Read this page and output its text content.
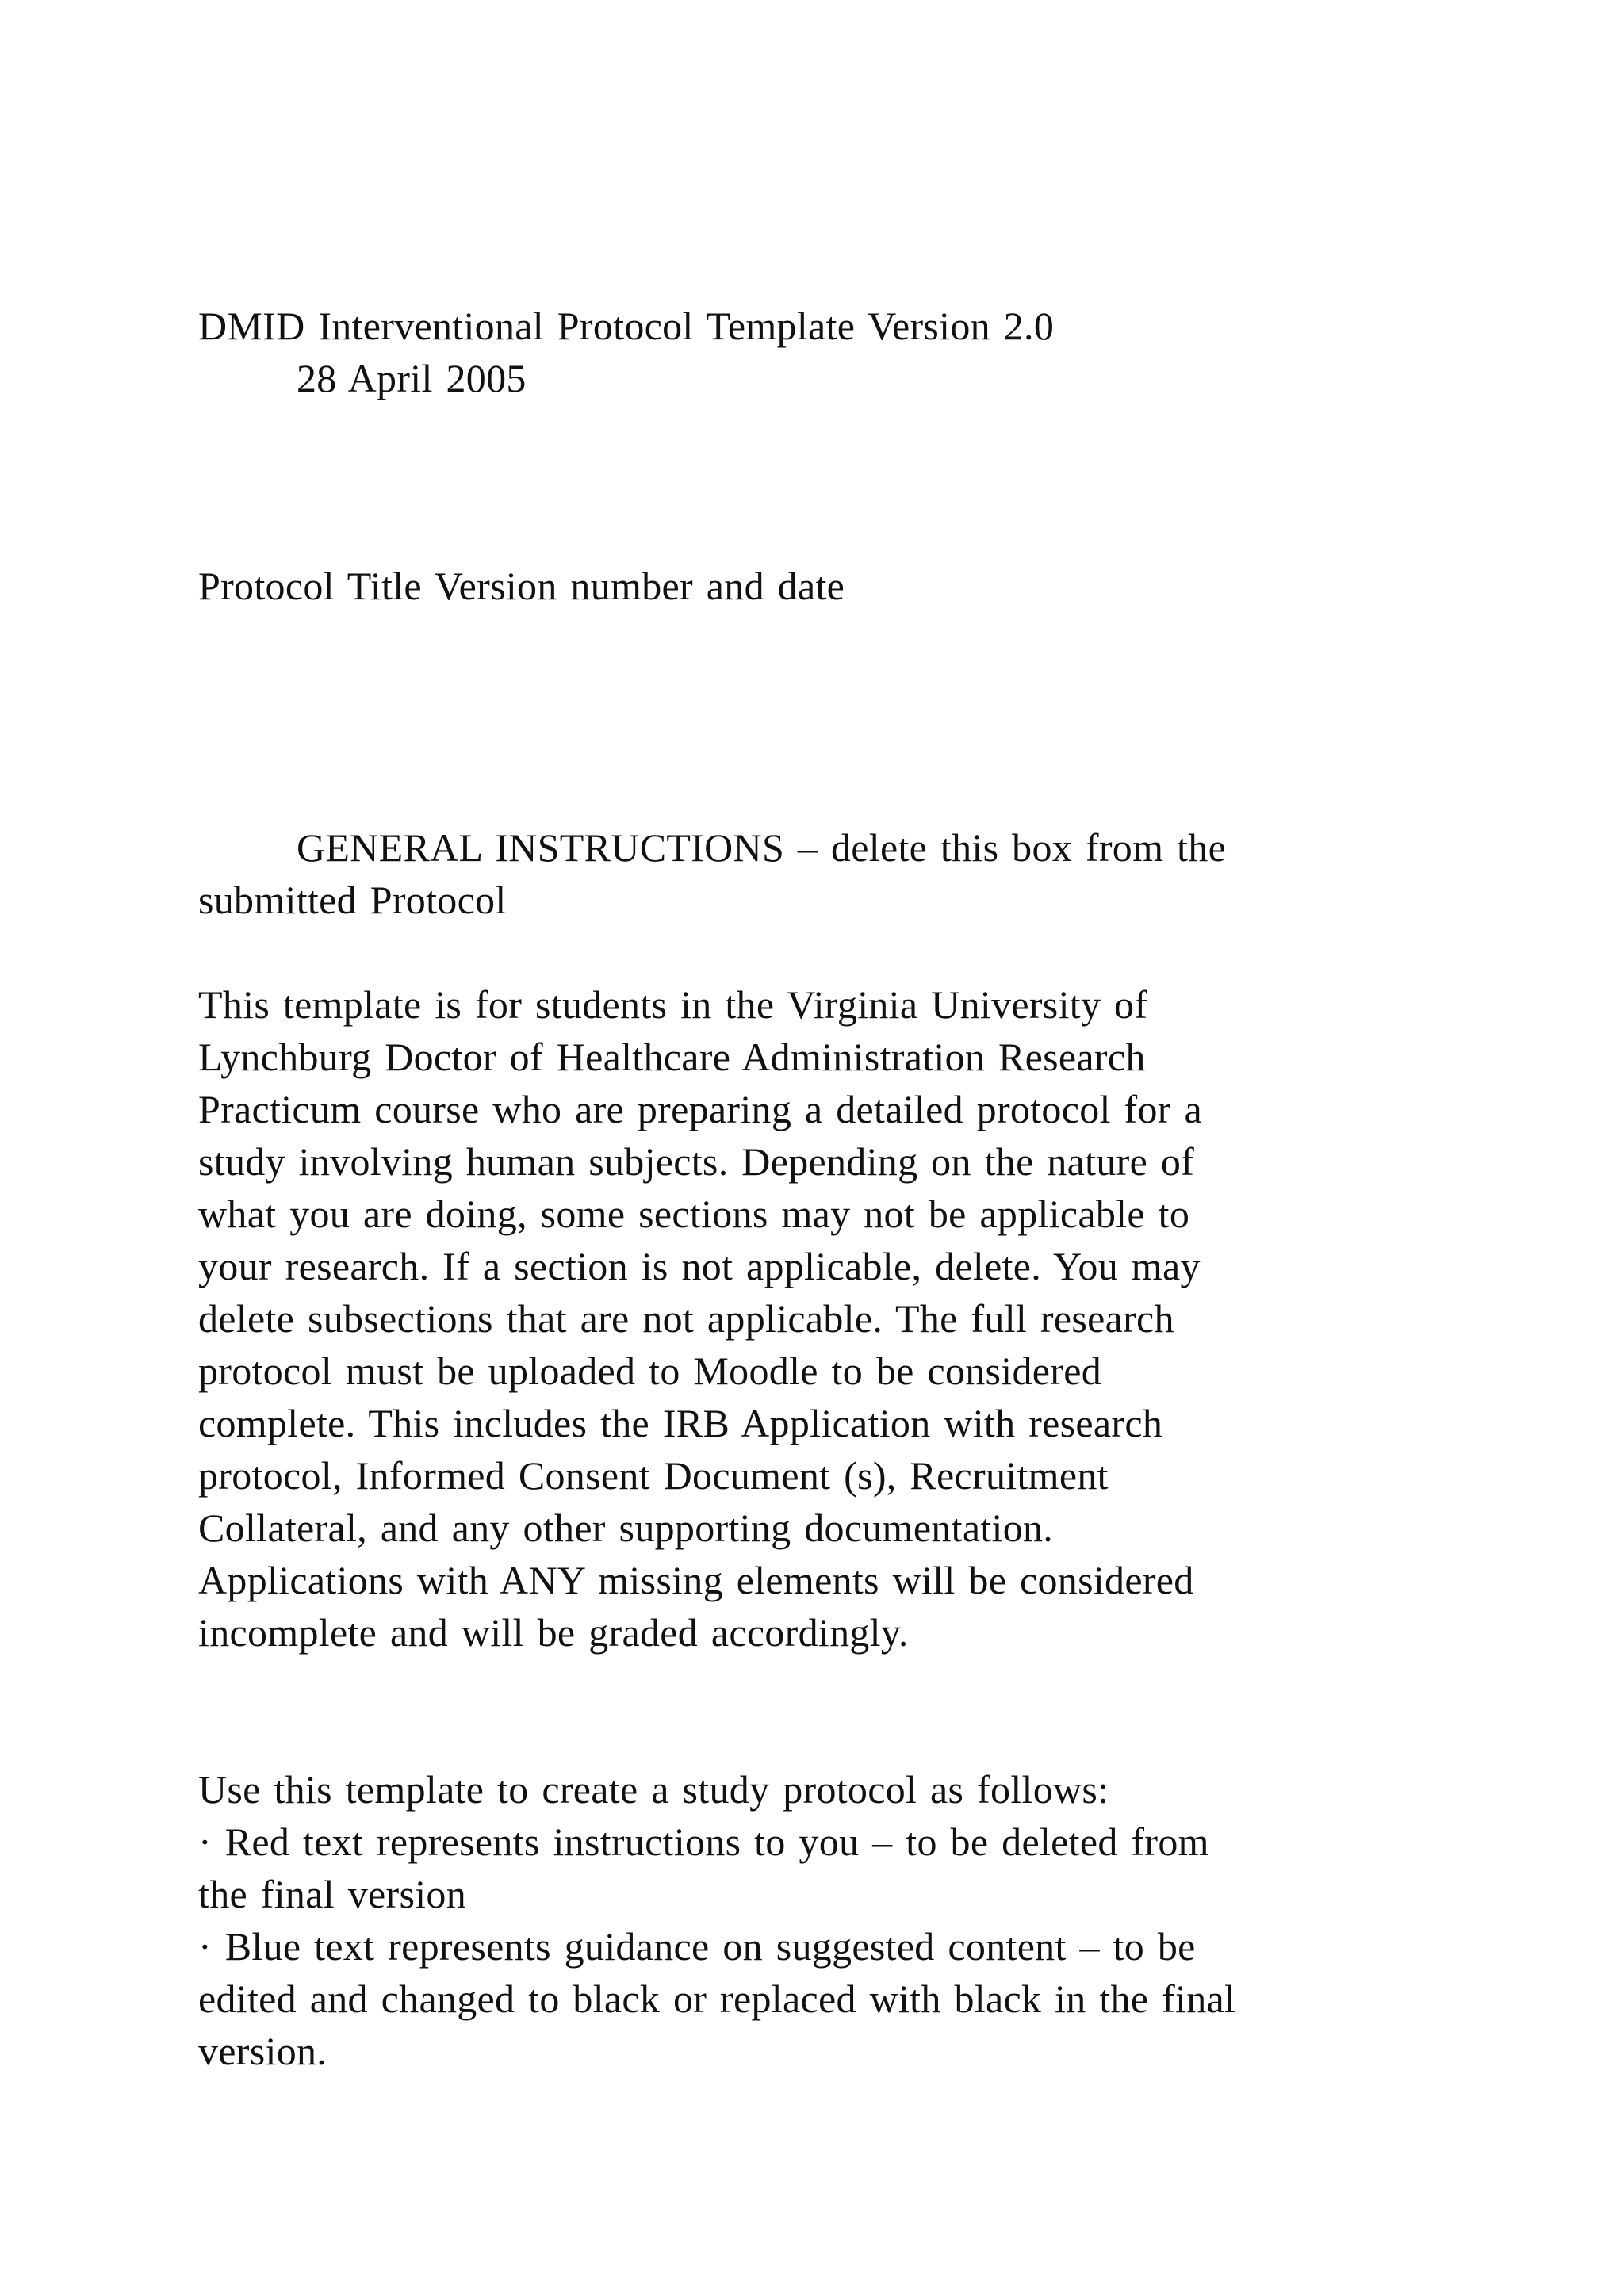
DMID Interventional Protocol Template Version 2.0
28 April 2005
Protocol Title Version number and date
GENERAL INSTRUCTIONS – delete this box from the
submitted Protocol
This template is for students in the Virginia University of
Lynchburg Doctor of Healthcare Administration Research
Practicum course who are preparing a detailed protocol for a
study involving human subjects. Depending on the nature of
what you are doing, some sections may not be applicable to
your research. If a section is not applicable, delete. You may
delete subsections that are not applicable. The full research
protocol must be uploaded to Moodle to be considered
complete. This includes the IRB Application with research
protocol, Informed Consent Document (s), Recruitment
Collateral, and any other supporting documentation.
Applications with ANY missing elements will be considered
incomplete and will be graded accordingly.
Use this template to create a study protocol as follows:
· Red text represents instructions to you – to be deleted from
the final version
· Blue text represents guidance on suggested content – to be
edited and changed to black or replaced with black in the final
version.
